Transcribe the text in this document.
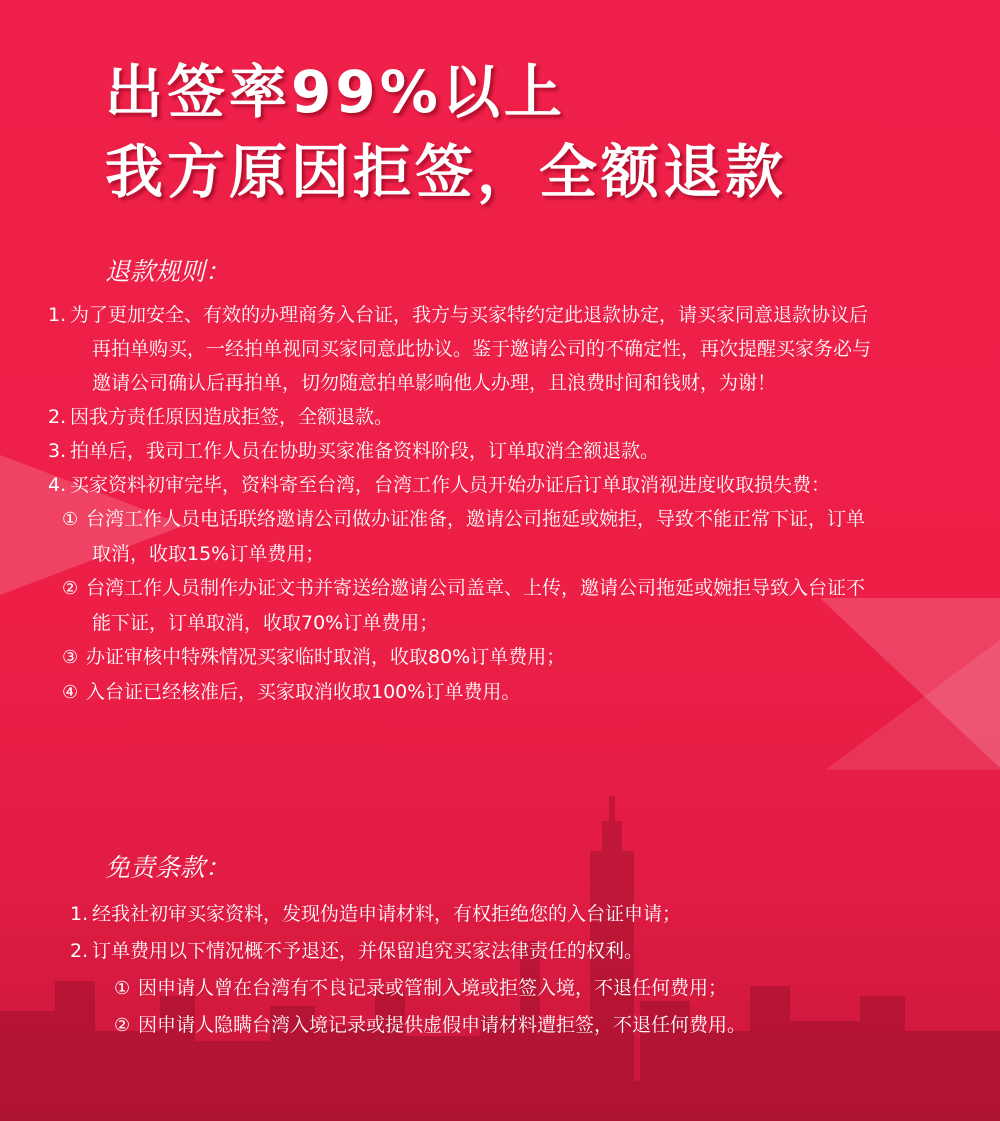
出签率99%以上
我方原因拒签，全额退款
退款规则：
1. 为了更加安全、有效的办理商务入台证，我方与买家特约定此退款协定，请买家同意退款协议后再拍单购买，一经拍单视同买家同意此协议。鉴于邀请公司的不确定性，再次提醒买家务必与邀请公司确认后再拍单，切勿随意拍单影响他人办理，且浪费时间和钱财，为谢！
2. 因我方责任原因造成拒签，全额退款。
3. 拍单后，我司工作人员在协助买家准备资料阶段，订单取消全额退款。
4. 买家资料初审完毕，资料寄至台湾，台湾工作人员开始办证后订单取消视进度收取损失费：
① 台湾工作人员电话联络邀请公司做办证准备，邀请公司拖延或婉拒，导致不能正常下证，订单取消，收取15%订单费用；
② 台湾工作人员制作办证文书并寄送给邀请公司盖章、上传，邀请公司拖延或婉拒导致入台证不能下证，订单取消，收取70%订单费用；
③ 办证审核中特殊情况买家临时取消，收取80%订单费用；
④ 入台证已经核准后，买家取消收取100%订单费用。
免责条款：
1. 经我社初审买家资料，发现伪造申请材料，有权拒绝您的入台证申请；
2. 订单费用以下情况概不予退还，并保留追究买家法律责任的权利。
① 因申请人曾在台湾有不良记录或管制入境或拒签入境，不退任何费用；
② 因申请人隐瞒台湾入境记录或提供虚假申请材料遭拒签，不退任何费用。
